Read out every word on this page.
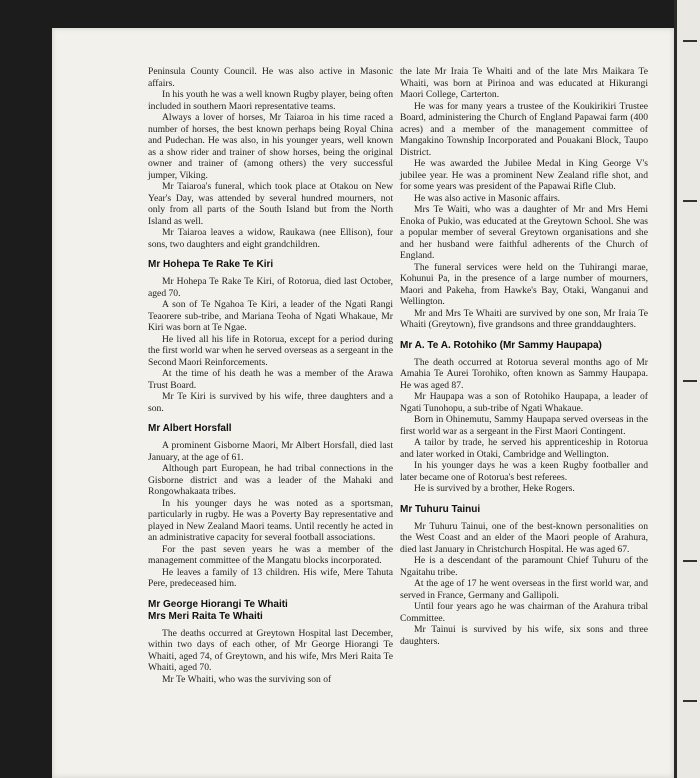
Peninsula County Council. He was also active in Masonic affairs.

In his youth he was a well known Rugby player, being often included in southern Maori representative teams.

Always a lover of horses, Mr Taiaroa in his time raced a number of horses, the best known perhaps being Royal China and Pudechan. He was also, in his younger years, well known as a show rider and trainer of show horses, being the original owner and trainer of (among others) the very successful jumper, Viking.

Mr Taiaroa's funeral, which took place at Otakou on New Year's Day, was attended by several hundred mourners, not only from all parts of the South Island but from the North Island as well.

Mr Taiaroa leaves a widow, Raukawa (nee Ellison), four sons, two daughters and eight grandchildren.

Mr Hohepa Te Rake Te Kiri

Mr Hohepa Te Rake Te Kiri, of Rotorua, died last October, aged 70.

A son of Te Ngahoa Te Kiri, a leader of the Ngati Rangi Teaorere sub-tribe, and Mariana Teoha of Ngati Whakaue, Mr Kiri was born at Te Ngae.

He lived all his life in Rotorua, except for a period during the first world war when he served overseas as a sergeant in the Second Maori Reinforcements.

At the time of his death he was a member of the Arawa Trust Board.

Mr Te Kiri is survived by his wife, three daughters and a son.

Mr Albert Horsfall

A prominent Gisborne Maori, Mr Albert Horsfall, died last January, at the age of 61.

Although part European, he had tribal connections in the Gisborne district and was a leader of the Mahaki and Rongowhakaata tribes.

In his younger days he was noted as a sportsman, particularly in rugby. He was a Poverty Bay representative and played in New Zealand Maori teams. Until recently he acted in an administrative capacity for several football associations.

For the past seven years he was a member of the management committee of the Mangatu blocks incorporated.

He leaves a family of 13 children. His wife, Mere Tahuta Pere, predeceased him.

Mr George Hiorangi Te Whaiti
Mrs Meri Raita Te Whaiti

The deaths occurred at Greytown Hospital last December, within two days of each other, of Mr George Hiorangi Te Whaiti, aged 74, of Greytown, and his wife, Mrs Meri Raita Te Whaiti, aged 70.

Mr Te Whaiti, who was the surviving son of

the late Mr Iraia Te Whaiti and of the late Mrs Maikara Te Whaiti, was born at Pirinoa and was educated at Hikurangi Maori College, Carterton.

He was for many years a trustee of the Koukirikiri Trustee Board, administering the Church of England Papawai farm (400 acres) and a member of the management committee of Mangakino Township Incorporated and Pouakani Block, Taupo District.

He was awarded the Jubilee Medal in King George V's jubilee year. He was a prominent New Zealand rifle shot, and for some years was president of the Papawai Rifle Club.

He was also active in Masonic affairs.

Mrs Te Waiti, who was a daughter of Mr and Mrs Hemi Enoka of Pukio, was educated at the Greytown School. She was a popular member of several Greytown organisations and she and her husband were faithful adherents of the Church of England.

The funeral services were held on the Tuhirangi marae, Kohunui Pa, in the presence of a large number of mourners, Maori and Pakeha, from Hawke's Bay, Otaki, Wanganui and Wellington.

Mr and Mrs Te Whaiti are survived by one son, Mr Iraia Te Whaiti (Greytown), five grandsons and three granddaughters.

Mr A. Te A. Rotohiko (Mr Sammy Haupapa)

The death occurred at Rotorua several months ago of Mr Amahia Te Aurei Torohiko, often known as Sammy Haupapa. He was aged 87.

Mr Haupapa was a son of Rotohiko Haupapa, a leader of Ngati Tunohopu, a sub-tribe of Ngati Whakaue.

Born in Ohinemutu, Sammy Haupapa served overseas in the first world war as a sergeant in the First Maori Contingent.

A tailor by trade, he served his apprenticeship in Rotorua and later worked in Otaki, Cambridge and Wellington.

In his younger days he was a keen Rugby footballer and later became one of Rotorua's best referees.

He is survived by a brother, Heke Rogers.

Mr Tuhuru Tainui

Mr Tuhuru Tainui, one of the best-known personalities on the West Coast and an elder of the Maori people of Arahura, died last January in Christchurch Hospital. He was aged 67.

He is a descendant of the paramount Chief Tuhuru of the Ngaitahu tribe.

At the age of 17 he went overseas in the first world war, and served in France, Germany and Gallipoli.

Until four years ago he was chairman of the Arahura tribal Committee.

Mr Tainui is survived by his wife, six sons and three daughters.
